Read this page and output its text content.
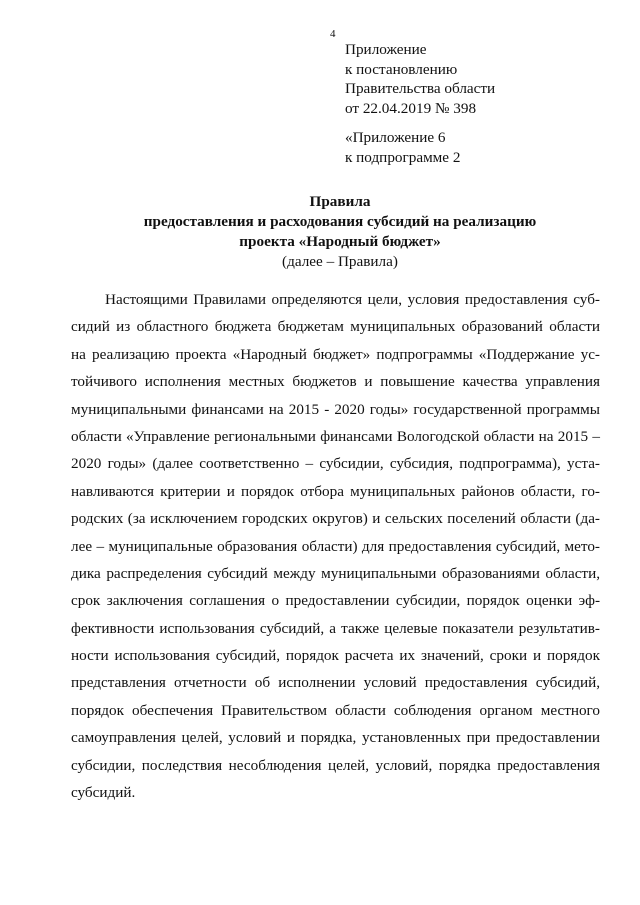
4
Приложение
к постановлению
Правительства области
от 22.04.2019 № 398
«Приложение 6
к подпрограмме 2
Правила
предоставления и расходования субсидий на реализацию
проекта «Народный бюджет»
(далее – Правила)
Настоящими Правилами определяются цели, условия предоставления суб-
сидий из областного бюджета бюджетам муниципальных образований области
на реализацию проекта «Народный бюджет» подпрограммы «Поддержание ус-
тойчивого исполнения местных бюджетов и повышение качества управления
муниципальными финансами на 2015 - 2020 годы» государственной программы
области «Управление региональными финансами Вологодской области на 2015 –
2020 годы» (далее соответственно – субсидии, субсидия, подпрограмма), уста-
навливаются критерии и порядок отбора муниципальных районов области, го-
родских (за исключением городских округов) и сельских поселений области (да-
лее – муниципальные образования области) для предоставления субсидий, мето-
дика распределения субсидий между муниципальными образованиями области,
срок заключения соглашения о предоставлении субсидии, порядок оценки эф-
фективности использования субсидий, а также целевые показатели результатив-
ности использования субсидий, порядок расчета их значений, сроки и порядок
представления отчетности об исполнении условий предоставления субсидий,
порядок обеспечения Правительством области соблюдения органом местного
самоуправления целей, условий и порядка, установленных при предоставлении
субсидии, последствия несоблюдения целей, условий, порядка предоставления
субсидий.
